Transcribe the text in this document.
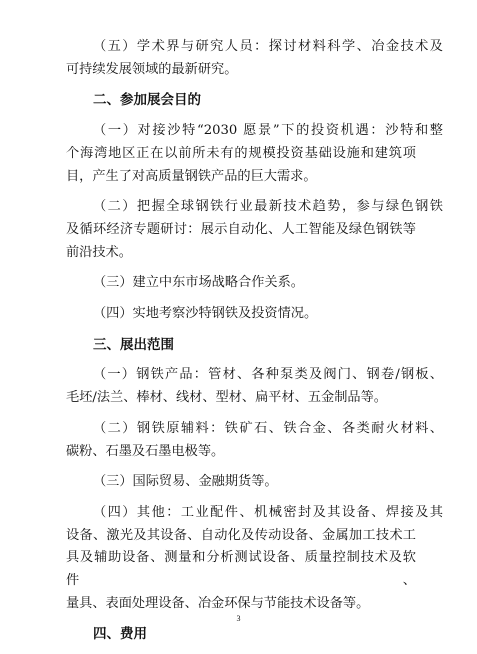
（五）学术界与研究人员：探讨材料科学、冶金技术及
可持续发展领域的最新研究。
二、参加展会目的
（一）对接沙特“2030 愿景”下的投资机遇：沙特和整
个海湾地区正在以前所未有的规模投资基础设施和建筑项
目，产生了对高质量钢铁产品的巨大需求。
（二）把握全球钢铁行业最新技术趋势，参与绿色钢铁
及循环经济专题研讨：展示自动化、人工智能及绿色钢铁等
前沿技术。
（三）建立中东市场战略合作关系。
（四）实地考察沙特钢铁及投资情况。
三、展出范围
（一）钢铁产品：管材、各种泵类及阀门、钢卷/钢板、
毛坯/法兰、棒材、线材、型材、扁平材、五金制品等。
（二）钢铁原辅料：铁矿石、铁合金、各类耐火材料、
碳粉、石墨及石墨电极等。
（三）国际贸易、金融期货等。
（四）其他：工业配件、机械密封及其设备、焊接及其
设备、激光及其设备、自动化及传动设备、金属加工技术工
具及辅助设备、测量和分析测试设备、质量控制技术及软件、
量具、表面处理设备、冶金环保与节能技术设备等。
四、费用
3
